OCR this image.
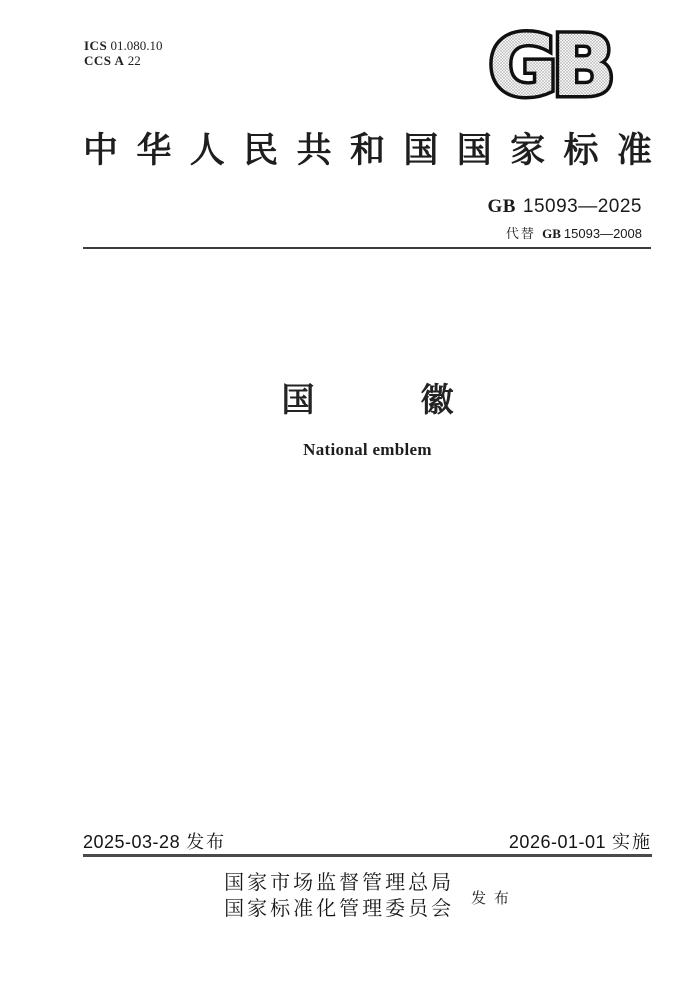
ICS 01.080.10
CCS A 22	GB
中 华 人 民 共 和 国 国 家 标 准
GB 15093—2025
代替 GB 15093—2008
国	徽
National emblem
2025-03-28 发布	2026-01-01 实施
国家市场监督管理总局
国家标准化管理委员会 发 布
